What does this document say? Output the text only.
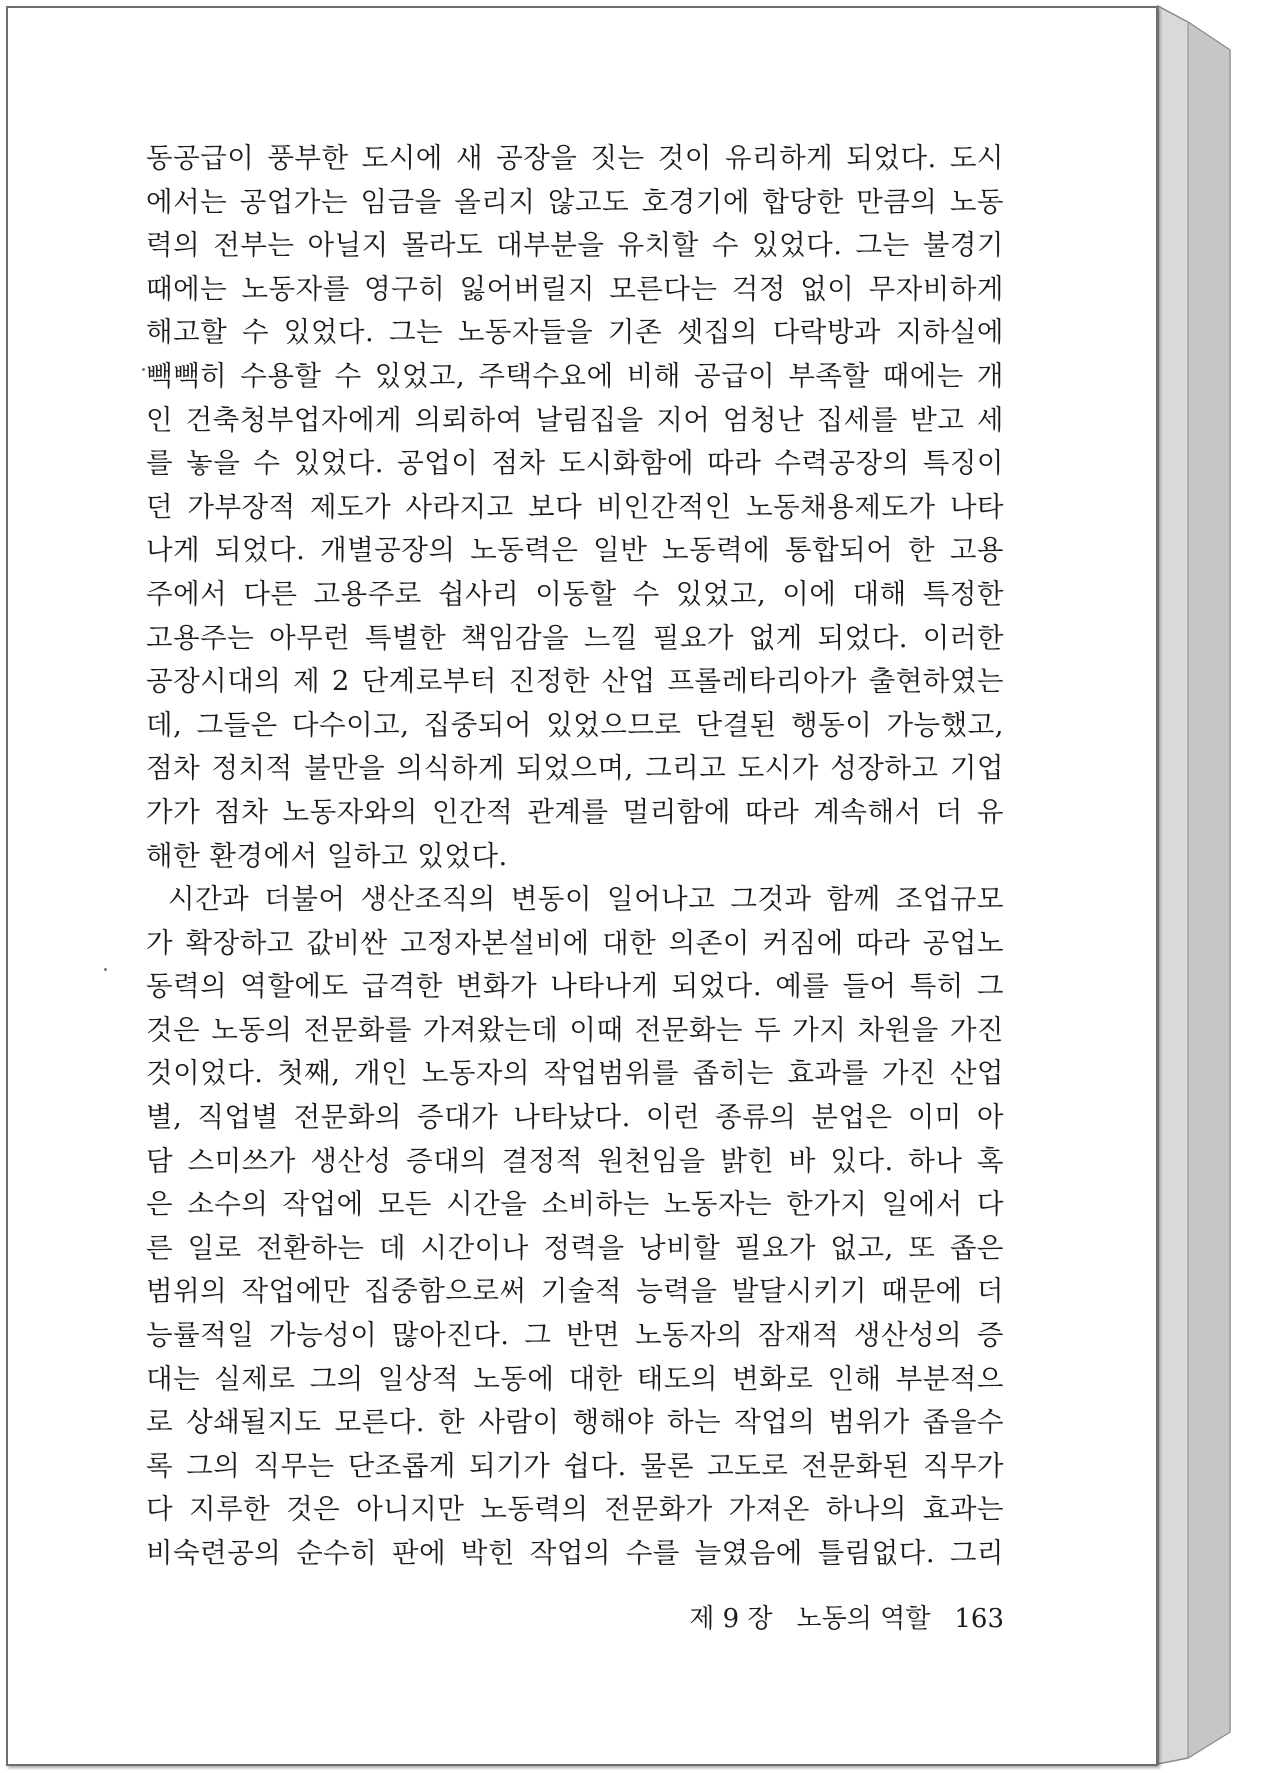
동공급이 풍부한 도시에 새 공장을 짓는 것이 유리하게 되었다. 도시
에서는 공업가는 임금을 올리지 않고도 호경기에 합당한 만큼의 노동
력의 전부는 아닐지 몰라도 대부분을 유치할 수 있었다. 그는 불경기
때에는 노동자를 영구히 잃어버릴지 모른다는 걱정 없이 무자비하게
해고할 수 있었다. 그는 노동자들을 기존 셋집의 다락방과 지하실에
빽빽히 수용할 수 있었고, 주택수요에 비해 공급이 부족할 때에는 개
인 건축청부업자에게 의뢰하여 날림집을 지어 엄청난 집세를 받고 세
를 놓을 수 있었다. 공업이 점차 도시화함에 따라 수력공장의 특징이
던 가부장적 제도가 사라지고 보다 비인간적인 노동채용제도가 나타
나게 되었다. 개별공장의 노동력은 일반 노동력에 통합되어 한 고용
주에서 다른 고용주로 쉽사리 이동할 수 있었고, 이에 대해 특정한
고용주는 아무런 특별한 책임감을 느낄 필요가 없게 되었다. 이러한
공장시대의 제 2 단계로부터 진정한 산업 프롤레타리아가 출현하였는
데, 그들은 다수이고, 집중되어 있었으므로 단결된 행동이 가능했고,
점차 정치적 불만을 의식하게 되었으며, 그리고 도시가 성장하고 기업
가가 점차 노동자와의 인간적 관계를 멀리함에 따라 계속해서 더 유
해한 환경에서 일하고 있었다.
시간과 더불어 생산조직의 변동이 일어나고 그것과 함께 조업규모
가 확장하고 값비싼 고정자본설비에 대한 의존이 커짐에 따라 공업노
동력의 역할에도 급격한 변화가 나타나게 되었다. 예를 들어 특히 그
것은 노동의 전문화를 가져왔는데 이때 전문화는 두 가지 차원을 가진
것이었다. 첫째, 개인 노동자의 작업범위를 좁히는 효과를 가진 산업
별, 직업별 전문화의 증대가 나타났다. 이런 종류의 분업은 이미 아
담 스미쓰가 생산성 증대의 결정적 원천임을 밝힌 바 있다. 하나 혹
은 소수의 작업에 모든 시간을 소비하는 노동자는 한가지 일에서 다
른 일로 전환하는 데 시간이나 정력을 낭비할 필요가 없고, 또 좁은
범위의 작업에만 집중함으로써 기술적 능력을 발달시키기 때문에 더
능률적일 가능성이 많아진다. 그 반면 노동자의 잠재적 생산성의 증
대는 실제로 그의 일상적 노동에 대한 태도의 변화로 인해 부분적으
로 상쇄될지도 모른다. 한 사람이 행해야 하는 작업의 범위가 좁을수
록 그의 직무는 단조롭게 되기가 쉽다. 물론 고도로 전문화된 직무가
다 지루한 것은 아니지만 노동력의 전문화가 가져온 하나의 효과는
비숙련공의 순수히 판에 박힌 작업의 수를 늘였음에 틀림없다. 그리
제 9 장 노동의 역할 163
